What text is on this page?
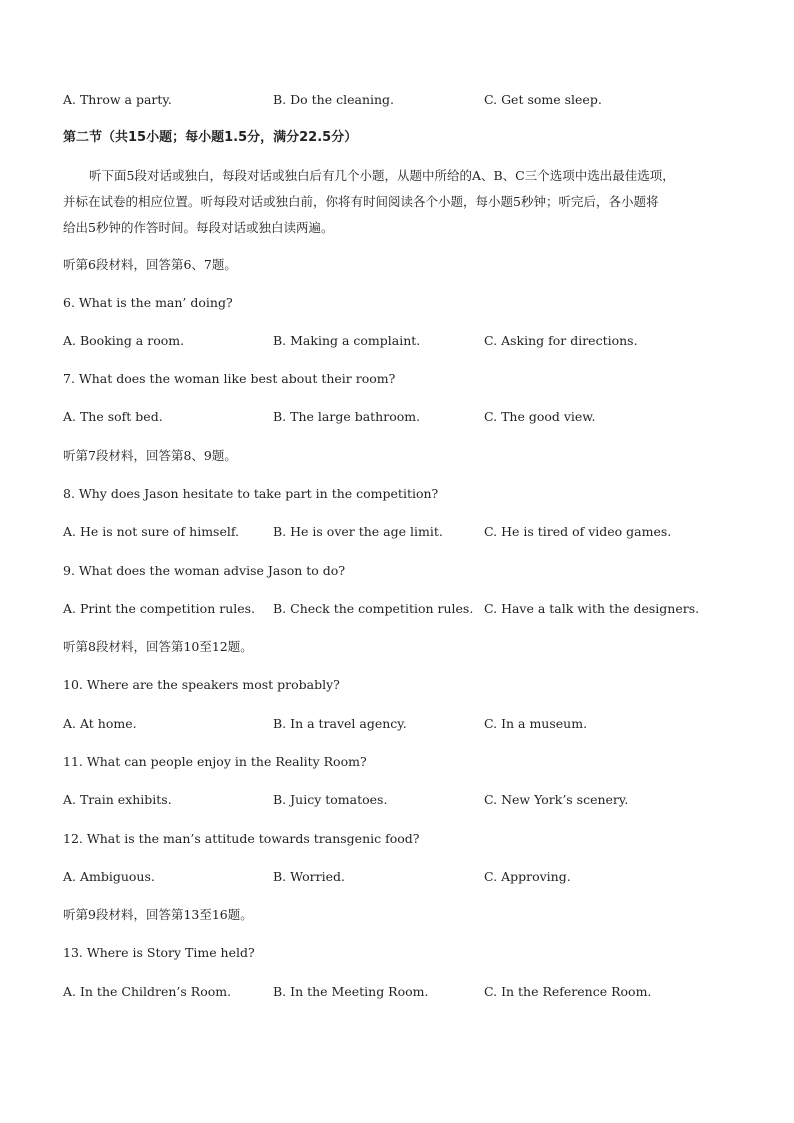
A. Throw a party.	B. Do the cleaning.	C. Get some sleep.
第二节（共15小题；每小题1.5分，满分22.5分）
听下面5段对话或独白，每段对话或独白后有几个小题，从题中所给的A、B、C三个选项中选出最佳选项，
并标在试卷的相应位置。听每段对话或独白前，你将有时间阅读各个小题，每小题5秒钟；听完后，各小题将
给出5秒钟的作答时间。每段对话或独白读两遍。
听第6段材料，回答第6、7题。
6. What is the man’ doing?
A. Booking a room.	B. Making a complaint.	C. Asking for directions.
7. What does the woman like best about their room?
A. The soft bed.	B. The large bathroom.	C. The good view.
听第7段材料，回答第8、9题。
8. Why does Jason hesitate to take part in the competition?
A. He is not sure of himself.	B. He is over the age limit.	C. He is tired of video games.
9. What does the woman advise Jason to do?
A. Print the competition rules. B. Check the competition rules. C. Have a talk with the designers.
听第8段材料，回答第10至12题。
10. Where are the speakers most probably?
A. At home.	B. In a travel agency.	C. In a museum.
11. What can people enjoy in the Reality Room?
A. Train exhibits.	B. Juicy tomatoes.	C. New York’s scenery.
12. What is the man’s attitude towards transgenic food?
A. Ambiguous.	B. Worried.	C. Approving.
听第9段材料，回答第13至16题。
13. Where is Story Time held?
A. In the Children’s Room.	B. In the Meeting Room.	C. In the Reference Room.
